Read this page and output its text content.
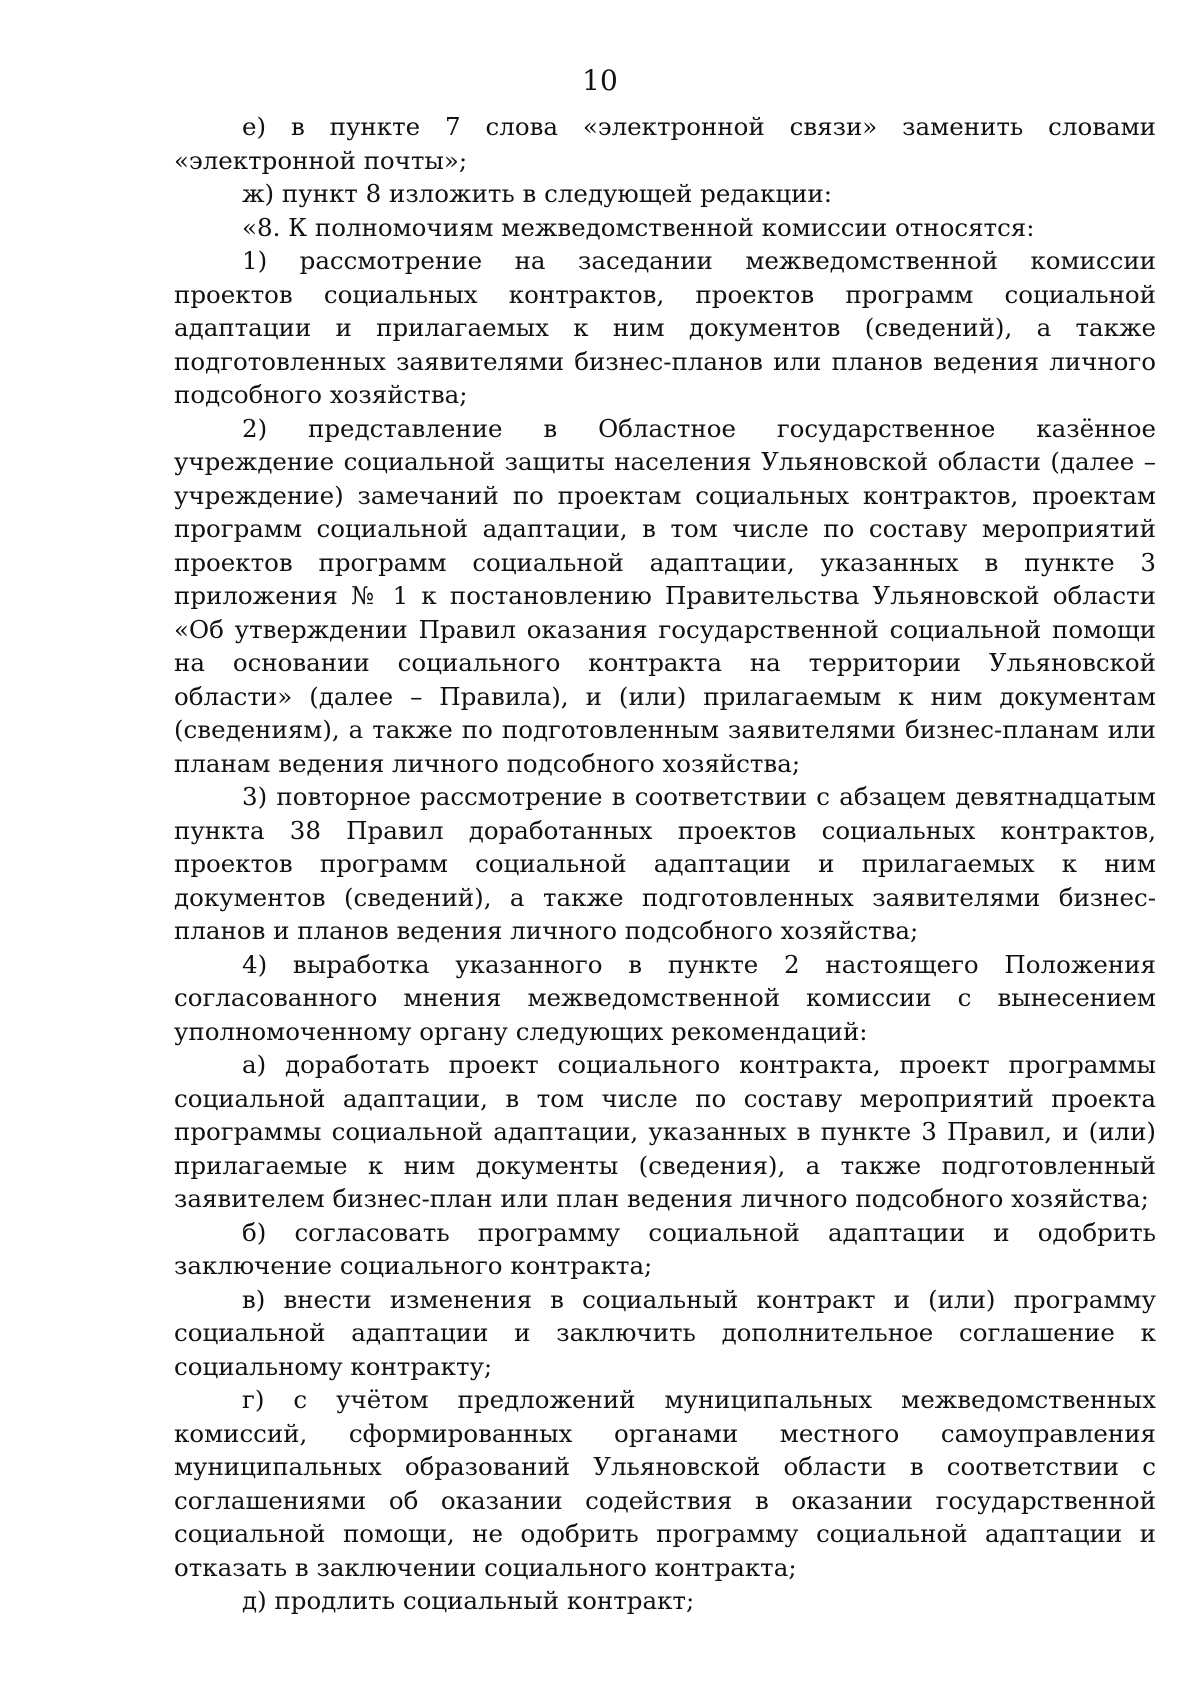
10

е) в пункте 7 слова «электронной связи» заменить словами «электронной почты»;

ж) пункт 8 изложить в следующей редакции:

«8. К полномочиям межведомственной комиссии относятся:

1) рассмотрение на заседании межведомственной комиссии проектов социальных контрактов, проектов программ социальной адаптации и прилагаемых к ним документов (сведений), а также подготовленных заявителями бизнес-планов или планов ведения личного подсобного хозяйства;

2) представление в Областное государственное казённое учреждение социальной защиты населения Ульяновской области (далее – учреждение) замечаний по проектам социальных контрактов, проектам программ социальной адаптации, в том числе по составу мероприятий проектов программ социальной адаптации, указанных в пункте 3 приложения № 1 к постановлению Правительства Ульяновской области «Об утверждении Правил оказания государственной социальной помощи на основании социального контракта на территории Ульяновской области» (далее – Правила), и (или) прилагаемым к ним документам (сведениям), а также по подготовленным заявителями бизнес-планам или планам ведения личного подсобного хозяйства;

3) повторное рассмотрение в соответствии с абзацем девятнадцатым пункта 38 Правил доработанных проектов социальных контрактов, проектов программ социальной адаптации и прилагаемых к ним документов (сведений), а также подготовленных заявителями бизнес-планов и планов ведения личного подсобного хозяйства;

4) выработка указанного в пункте 2 настоящего Положения согласованного мнения межведомственной комиссии с вынесением уполномоченному органу следующих рекомендаций:

а) доработать проект социального контракта, проект программы социальной адаптации, в том числе по составу мероприятий проекта программы социальной адаптации, указанных в пункте 3 Правил, и (или) прилагаемые к ним документы (сведения), а также подготовленный заявителем бизнес-план или план ведения личного подсобного хозяйства;

б) согласовать программу социальной адаптации и одобрить заключение социального контракта;

в) внести изменения в социальный контракт и (или) программу социальной адаптации и заключить дополнительное соглашение к социальному контракту;

г) с учётом предложений муниципальных межведомственных комиссий, сформированных органами местного самоуправления муниципальных образований Ульяновской области в соответствии с соглашениями об оказании содействия в оказании государственной социальной помощи, не одобрить программу социальной адаптации и отказать в заключении социального контракта;

д) продлить социальный контракт;
